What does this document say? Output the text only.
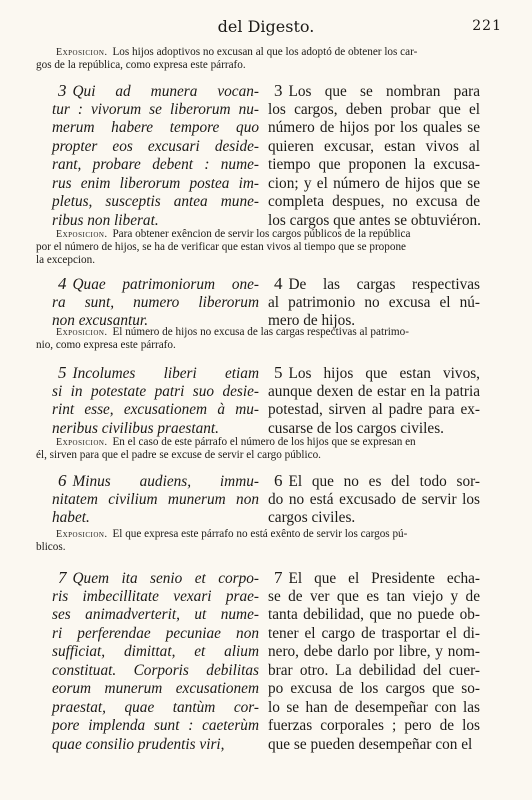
del Digesto.	221
Exposicion. Los hijos adoptivos no excusan al que los adoptó de obtener los car-
gos de la república, como expresa este párrafo.
3 Qui ad munera vocan-
tur : vivorum se liberorum nu-
merum habere tempore quo
propter eos excusari deside-
rant, probare debent : nume-
rus enim liberorum postea im-
pletus, susceptis antea mune-
ribus non liberat.
3 Los que se nombran para
los cargos, deben probar que el
número de hijos por los quales se
quieren excusar, estan vivos al
tiempo que proponen la excusa-
cion; y el número de hijos que se
completa despues, no excusa de
los cargos que antes se obtuviéron.
Exposicion. Para obtener exêncion de servir los cargos públicos de la república
por el número de hijos, se ha de verificar que estan vivos al tiempo que se propone
la excepcion.
4 Quae patrimoniorum one-
ra sunt, numero liberorum
non excusantur.
4 De las cargas respectivas
al patrimonio no excusa el nú-
mero de hijos.
Exposicion. El número de hijos no excusa de las cargas respectivas al patrimo-
nio, como expresa este párrafo.
5 Incolumes liberi etiam
si in potestate patri suo desie-
rint esse, excusationem à mu-
neribus civilibus praestant.
5 Los hijos que estan vivos,
aunque dexen de estar en la patria
potestad, sirven al padre para ex-
cusarse de los cargos civiles.
Exposicion. En el caso de este párrafo el número de los hijos que se expresan en
él, sirven para que el padre se excuse de servir el cargo público.
6 Minus audiens, immu-
nitatem civilium munerum non
habet.
6 El que no es del todo sor-
do no está excusado de servir los
cargos civiles.
Exposicion. El que expresa este párrafo no está exênto de servir los cargos pú-
blicos.
7 Quem ita senio et corpo-
ris imbecillitate vexari prae-
ses animadverterit, ut nume-
ri perferendae pecuniae non
sufficiat, dimittat, et alium
constituat. Corporis debilitas
eorum munerum excusationem
praestat, quae tantùm cor-
pore implenda sunt : caeterùm
quae consilio prudentis viri,
7 El que el Presidente echa-
se de ver que es tan viejo y de
tanta debilidad, que no puede ob-
tener el cargo de trasportar el di-
nero, debe darlo por libre, y nom-
brar otro. La debilidad del cuer-
po excusa de los cargos que so-
lo se han de desempeñar con las
fuerzas corporales ; pero de los
que se pueden desempeñar con el
